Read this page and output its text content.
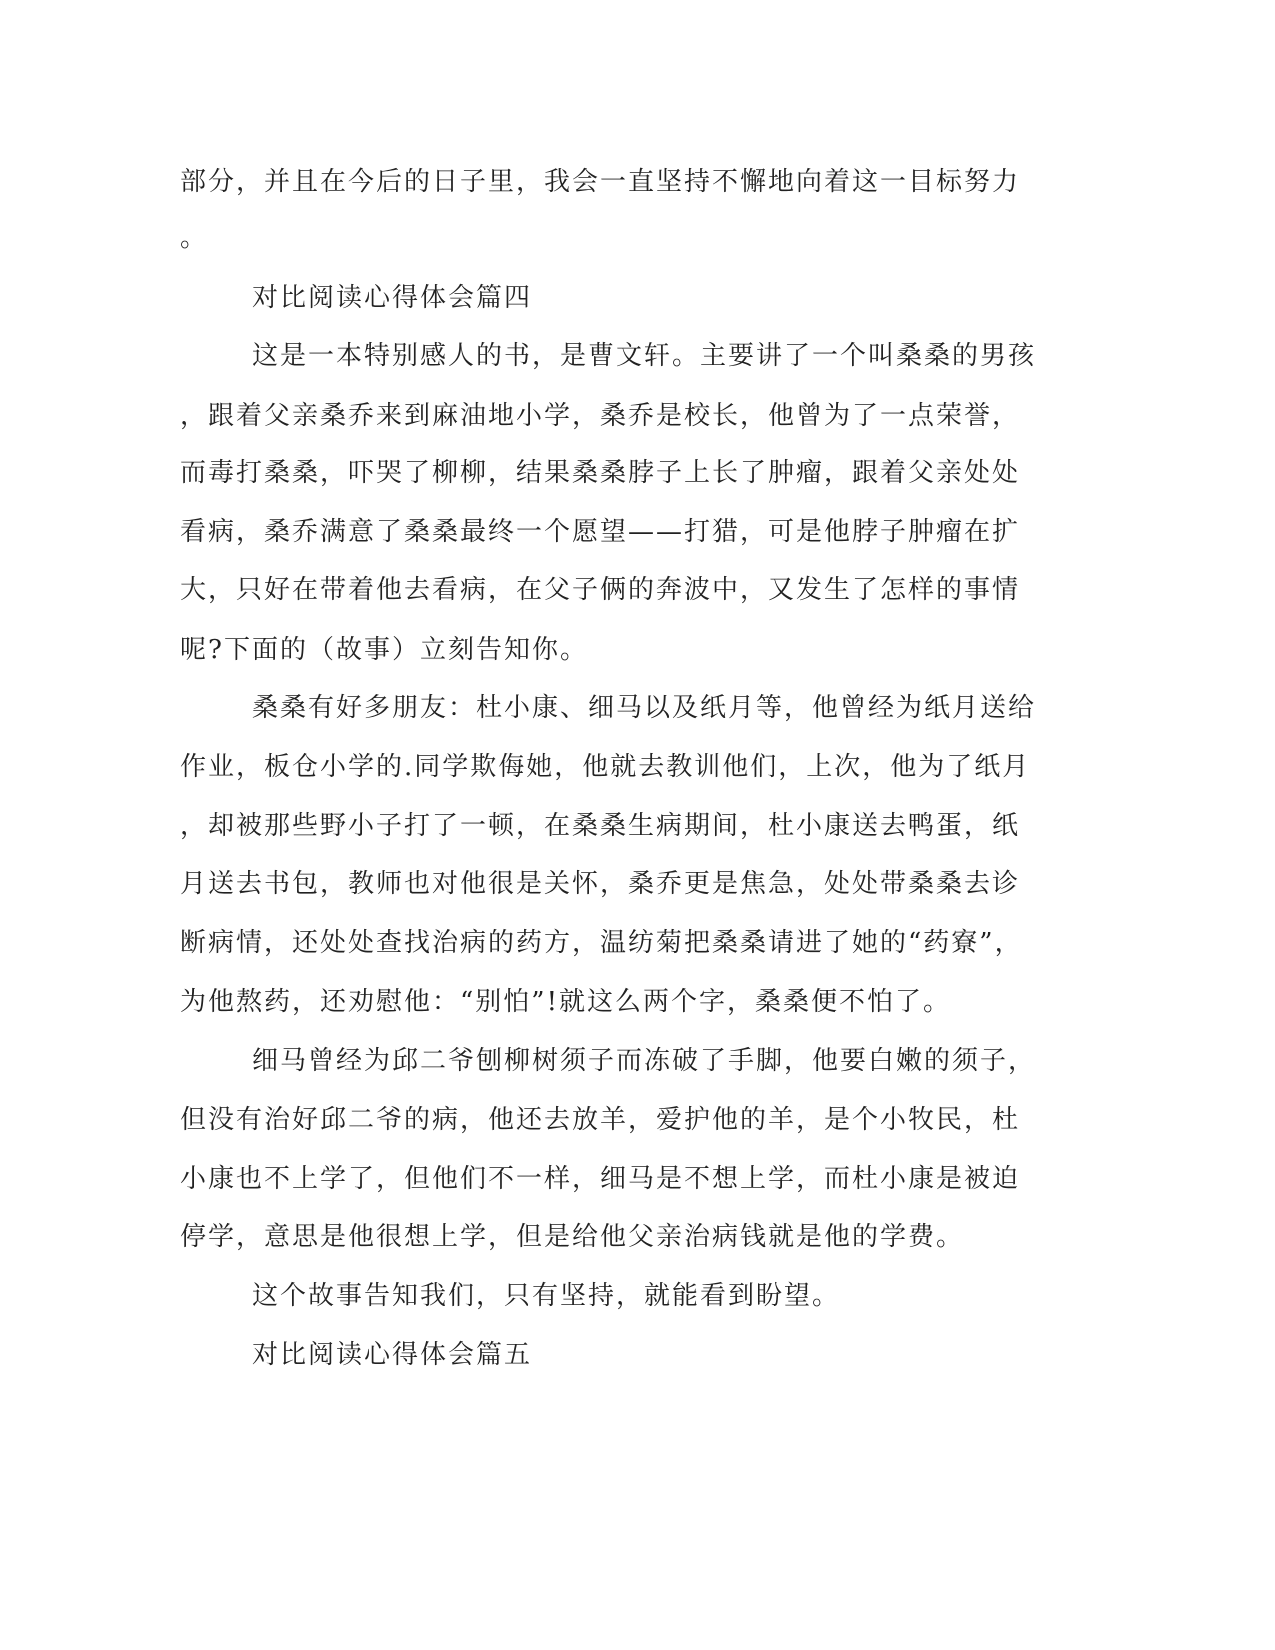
部分，并且在今后的日子里，我会一直坚持不懈地向着这一目标努力
。
对比阅读心得体会篇四
这是一本特别感人的书，是曹文轩。主要讲了一个叫桑桑的男孩
，跟着父亲桑乔来到麻油地小学，桑乔是校长，他曾为了一点荣誉，
而毒打桑桑，吓哭了柳柳，结果桑桑脖子上长了肿瘤，跟着父亲处处
看病，桑乔满意了桑桑最终一个愿望——打猎，可是他脖子肿瘤在扩
大，只好在带着他去看病，在父子俩的奔波中，又发生了怎样的事情
呢?下面的（故事）立刻告知你。
桑桑有好多朋友：杜小康、细马以及纸月等，他曾经为纸月送给
作业，板仓小学的.同学欺侮她，他就去教训他们，上次，他为了纸月
，却被那些野小子打了一顿，在桑桑生病期间，杜小康送去鸭蛋，纸
月送去书包，教师也对他很是关怀，桑乔更是焦急，处处带桑桑去诊
断病情，还处处查找治病的药方，温纺菊把桑桑请进了她的“药寮”，
为他熬药，还劝慰他：“别怕”!就这么两个字，桑桑便不怕了。
细马曾经为邱二爷刨柳树须子而冻破了手脚，他要白嫩的须子，
但没有治好邱二爷的病，他还去放羊，爱护他的羊，是个小牧民，杜
小康也不上学了，但他们不一样，细马是不想上学，而杜小康是被迫
停学，意思是他很想上学，但是给他父亲治病钱就是他的学费。
这个故事告知我们，只有坚持，就能看到盼望。
对比阅读心得体会篇五
